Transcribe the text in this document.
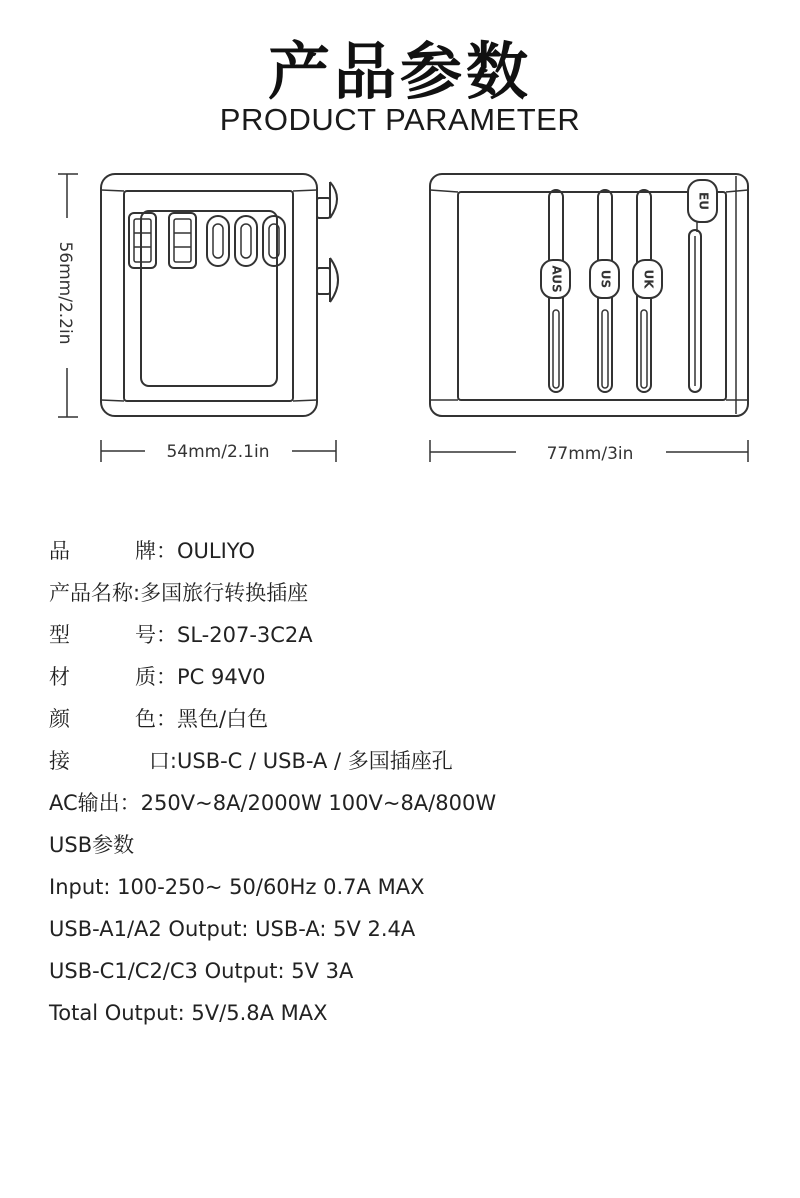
产品参数
PRODUCT PARAMETER
56mm/2.2in
54mm/2.1in	77mm/3in
AUS	US UK
EU
品	牌： OULIYO
产品名称:多国旅行转换插座
型	号： SL-207-3C2A
材	质： PC 94V0
颜	色： 黑色/白色
接	口: USB-C / USB-A / 多国插座孔
AC输出：250V~8A/2000W 100V~8A/800W
USB参数
Input: 100-250~ 50/60Hz 0.7A MAX
USB-A1/A2 Output: USB-A: 5V 2.4A
USB-C1/C2/C3 Output: 5V 3A
Total Output: 5V/5.8A MAX
